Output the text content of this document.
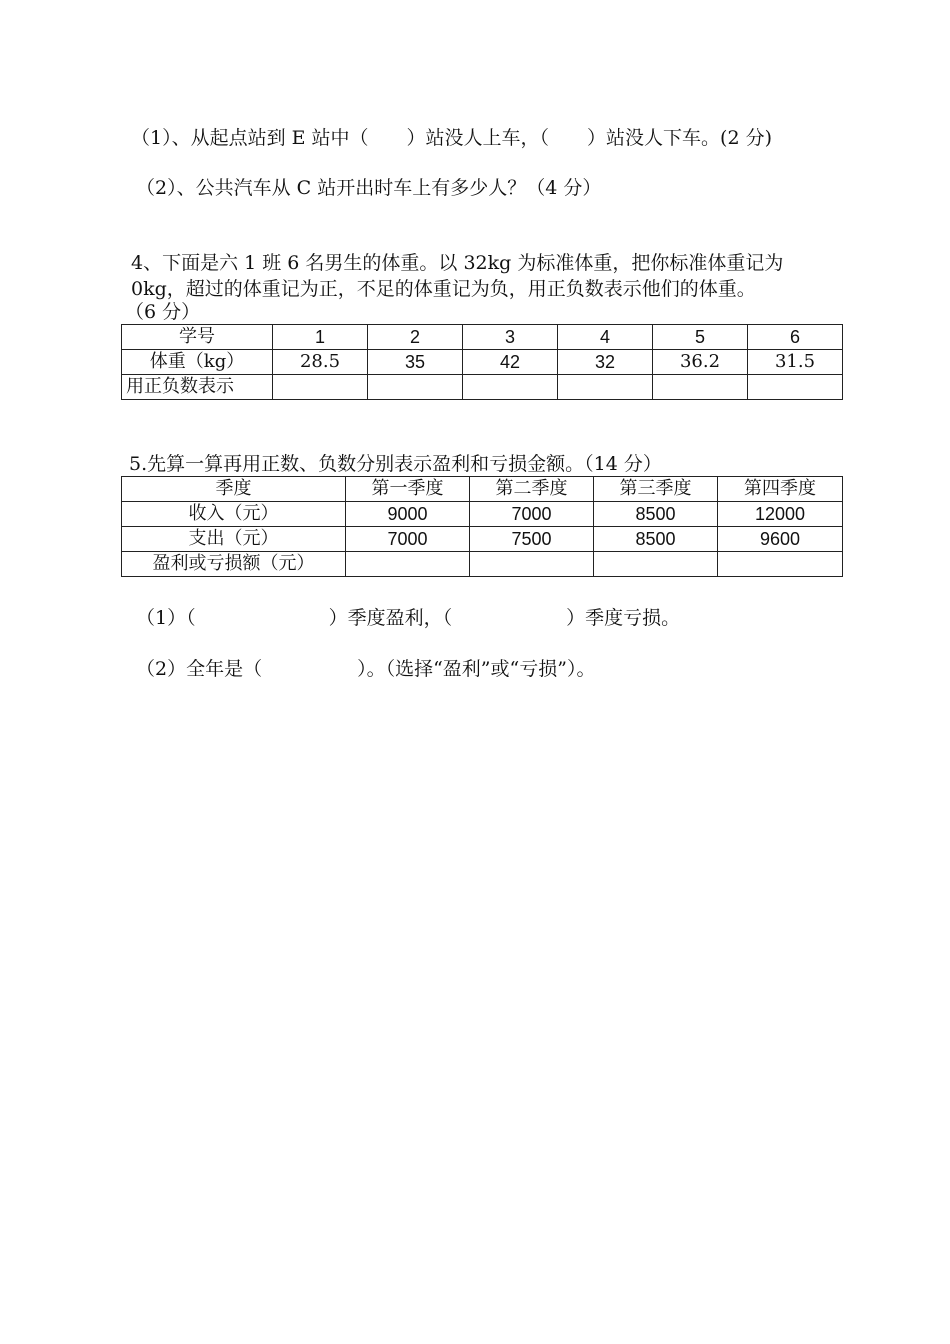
（1）、从起点站到 E 站中（　　）站没人上车，（　　）站没人下车。(2 分)
（2）、公共汽车从 C 站开出时车上有多少人？（4 分）
4、下面是六 1 班 6 名男生的体重。以 32kg 为标准体重，把你标准体重记为
0kg，超过的体重记为正，不足的体重记为负，用正负数表示他们的体重。
（6 分）
学号	1	2	3	4	5	6
体重（kg）	28.5	35	42	32	36.2	31.5
用正负数表示						
5.先算一算再用正数、负数分别表示盈利和亏损金额。（14 分）
季度	第一季度	第二季度	第三季度	第四季度
收入（元）	9000	7000	8500	12000
支出（元）	7000	7500	8500	9600
盈利或亏损额（元）				
（1）（　　　　　　　）季度盈利，（　　　　　　）季度亏损。
（2）全年是（　　　　　）。（选择“盈利”或“亏损”）。
